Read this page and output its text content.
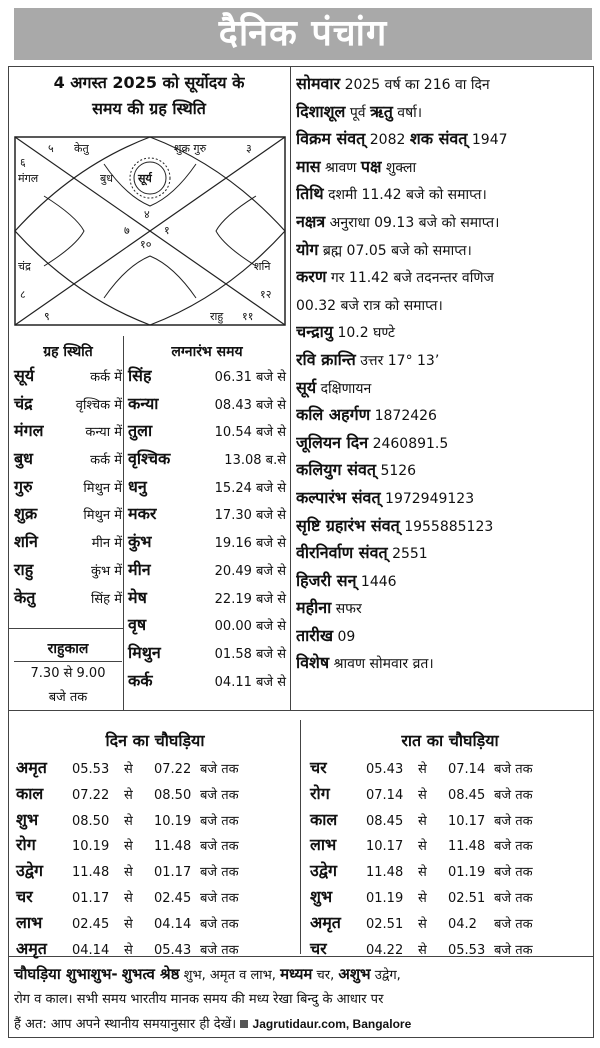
दैनिक पंचांग
4 अगस्त 2025 को सूर्योदय के
समय की ग्रह स्थिति
५
६
३
४
७	१
१०
८
९
१२
११
केतु
मंगल
शुक्र गुरु
बुध सूर्य
चंद्र	शनि
राहु
ग्रह स्थिति
सूर्य	कर्क में
चंद्र	वृश्चिक में
मंगल	कन्या में
बुध	कर्क में
गुरु	मिथुन में
शुक्र	मिथुन में
शनि	मीन में
राहु	कुंभ में
केतु	सिंह में
राहुकाल
7.30 से 9.00
बजे तक
लग्नारंभ समय
सिंह	06.31 बजे से
कन्या	08.43 बजे से
तुला	10.54 बजे से
वृश्चिक	13.08 ब.से
धनु	15.24 बजे से
मकर	17.30 बजे से
कुंभ	19.16 बजे से
मीन	20.49 बजे से
मेष	22.19 बजे से
वृष	00.00 बजे से
मिथुन	01.58 बजे से
कर्क	04.11 बजे से
सोमवार 2025 वर्ष का 216 वा दिन
दिशाशूल पूर्व ऋतु वर्षा।
विक्रम संवत् 2082 शक संवत् 1947
मास श्रावण पक्ष शुक्ला
तिथि दशमी 11.42 बजे को समाप्त।
नक्षत्र अनुराधा 09.13 बजे को समाप्त।
योग ब्रह्म 07.05 बजे को समाप्त।
करण गर 11.42 बजे तदनन्तर वणिज
00.32 बजे रात्र को समाप्त।
चन्द्रायु 10.2 घण्टे
रवि क्रान्ति उत्तर 17° 13’
सूर्य दक्षिणायन
कलि अहर्गण 1872426
जूलियन दिन 2460891.5
कलियुग संवत् 5126
कल्पारंभ संवत् 1972949123
सृष्टि ग्रहारंभ संवत् 1955885123
वीरनिर्वाण संवत् 2551
हिजरी सन् 1446
महीना सफर
तारीख 09
विशेष श्रावण सोमवार व्रत।
दिन का चौघड़िया
अमृत	05.53	से	07.22 बजे तक
काल	07.22	से	08.50 बजे तक
शुभ	08.50	से	10.19 बजे तक
रोग	10.19	से	11.48 बजे तक
उद्वेग	11.48	से	01.17 बजे तक
चर	01.17	से	02.45 बजे तक
लाभ	02.45	से	04.14 बजे तक
अमृत	04.14	से	05.43 बजे तक
रात का चौघड़िया
चर	05.43	से	07.14 बजे तक
रोग	07.14	से	08.45 बजे तक
काल	08.45	से	10.17 बजे तक
लाभ	10.17	से	11.48 बजे तक
उद्वेग	11.48	से	01.19 बजे तक
शुभ	01.19	से	02.51 बजे तक
अमृत	02.51	से	04.2	बजे तक
चर	04.22	से	05.53 बजे तक
चौघड़िया शुभाशुभ- शुभत्व श्रेष्ठ शुभ, अमृत व लाभ, मध्यम चर, अशुभ उद्वेग,
रोग व काल। सभी समय भारतीय मानक समय की मध्य रेखा बिन्दु के आधार पर
हैं अत: आप अपने स्थानीय समयानुसार ही देखें। Jagrutidaur.com, Bangalore
